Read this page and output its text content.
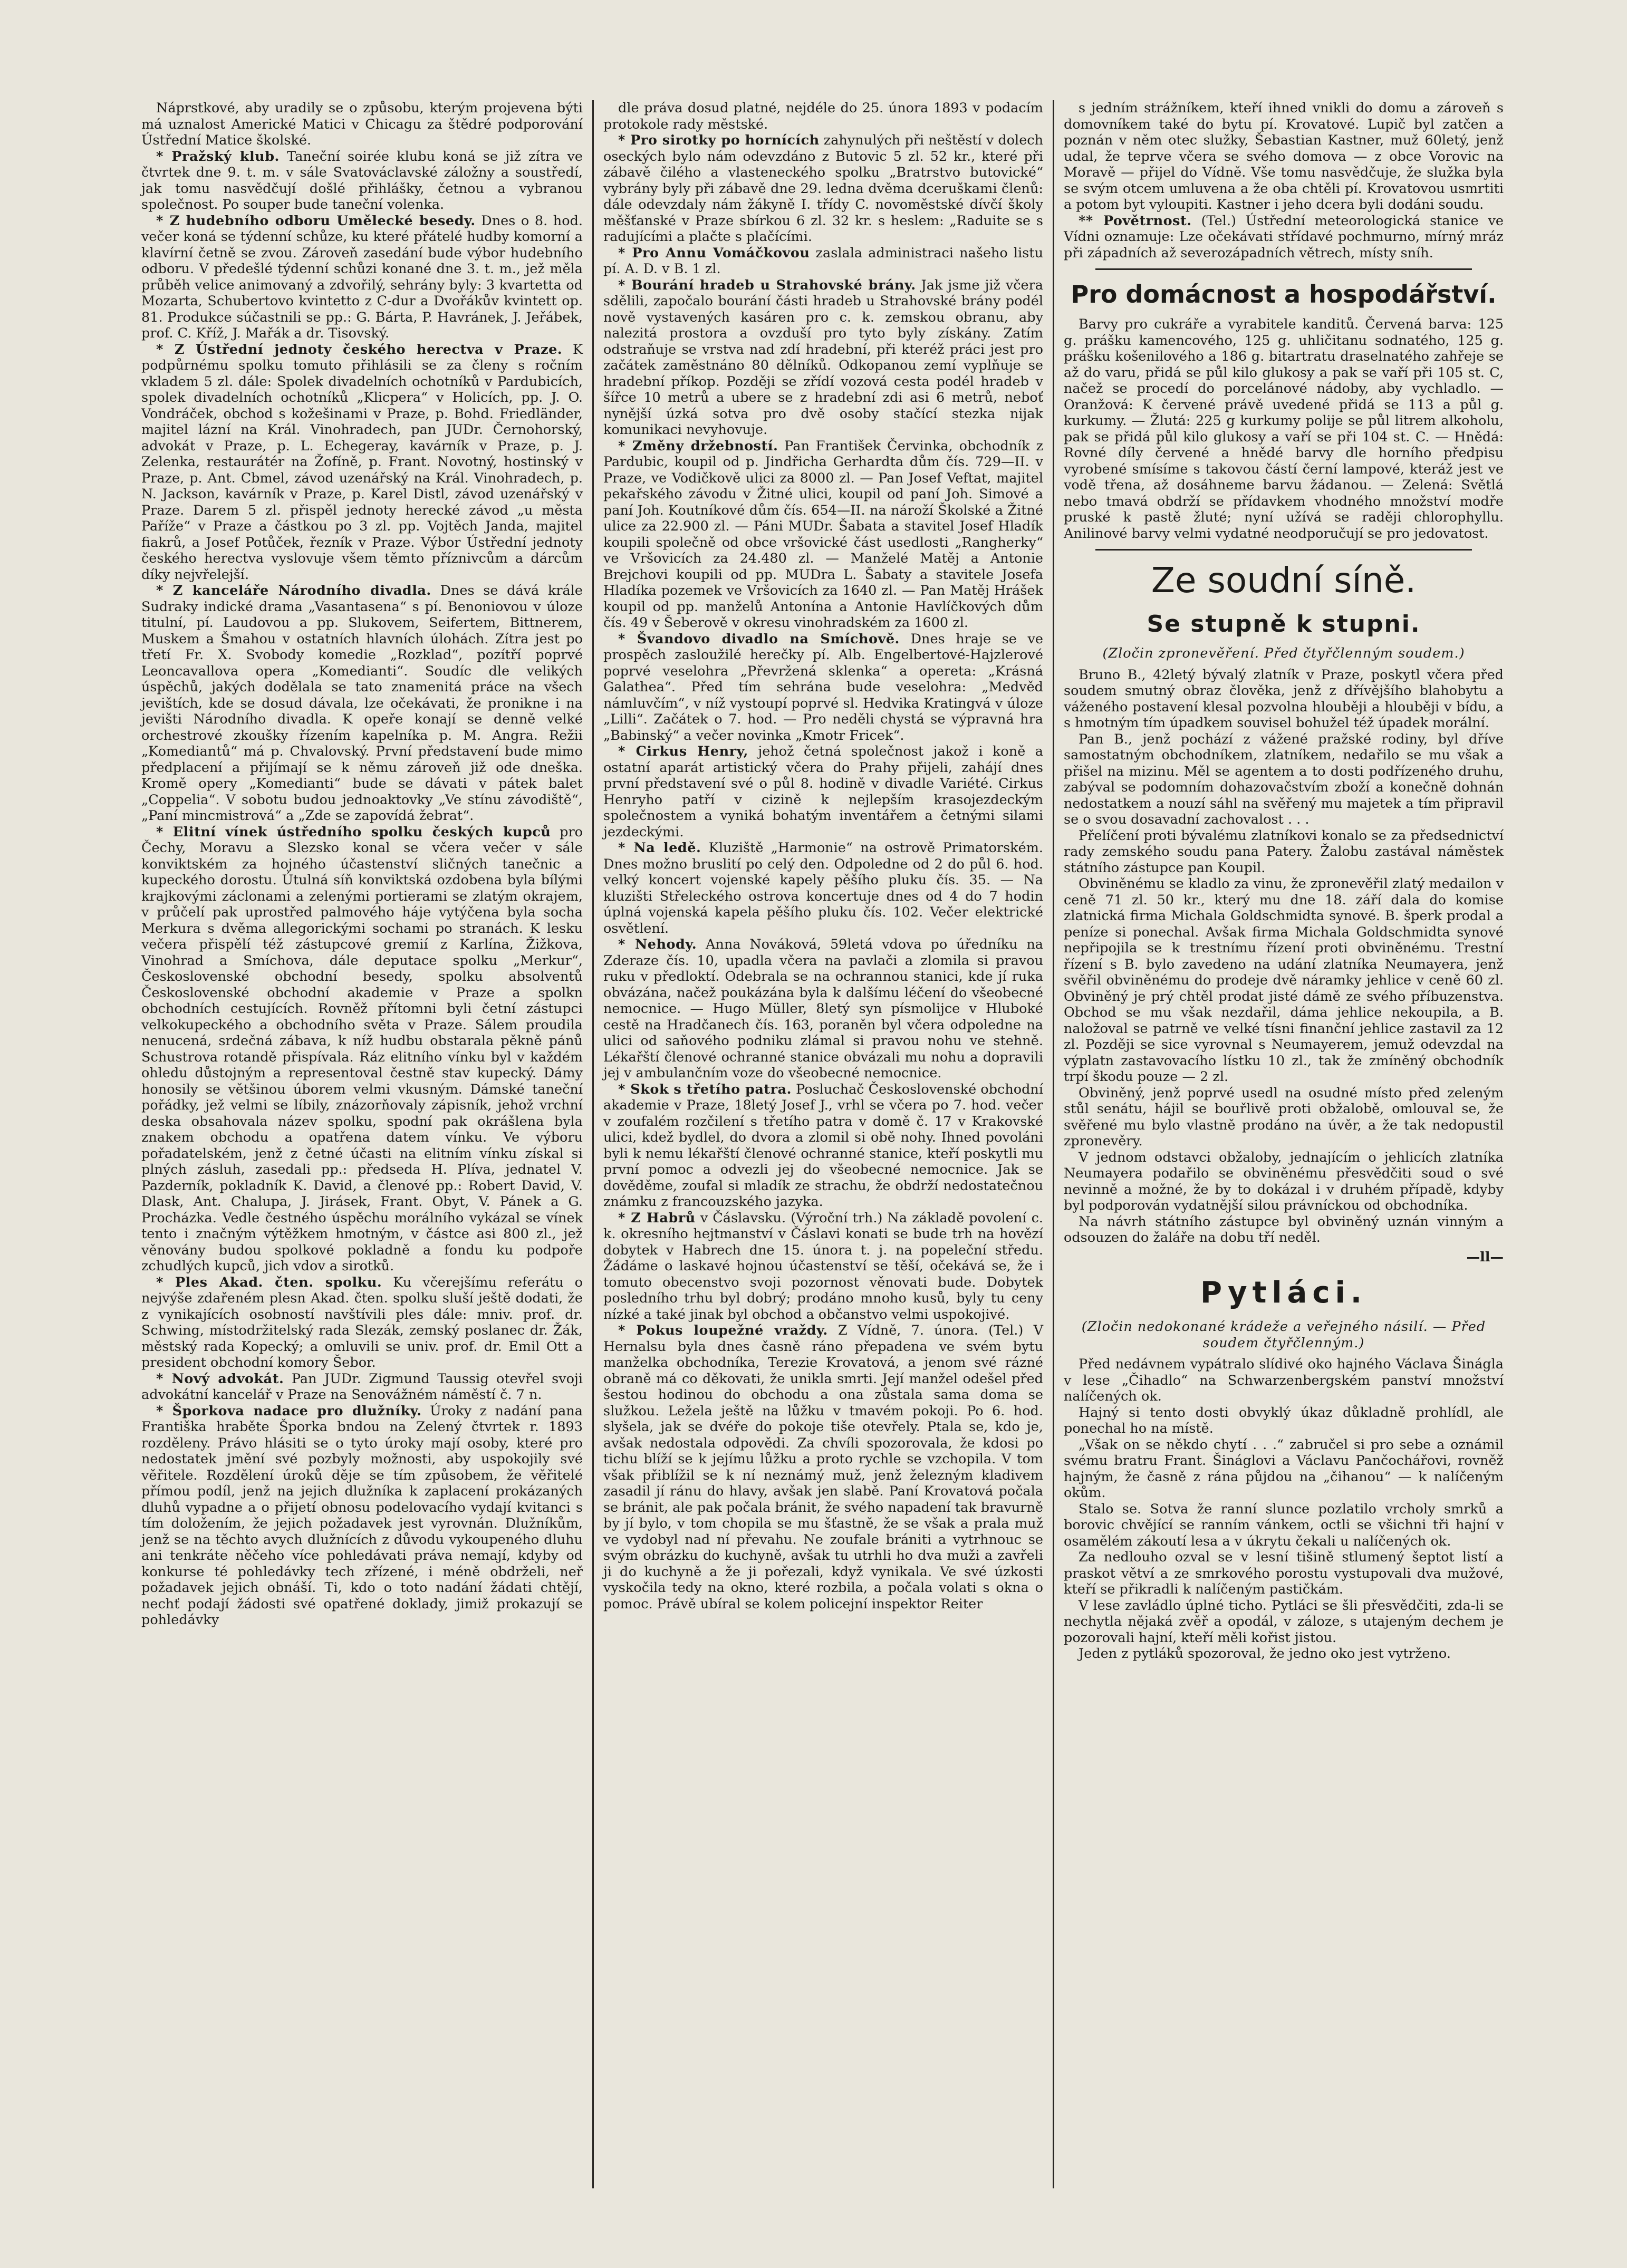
Náprstkové, aby uradily se o způsobu, kterým projevena býti má uznalost Americké Matici v Chicagu za štědré podporování Ústřední Matice školské.

* Pražský klub. Taneční soirée klubu koná se již zítra ve čtvrtek dne 9. t. m. v sále Svatováclavské záložny a soustředí, jak tomu nasvědčují došlé přihlášky, četnou a vybranou společnost. Po souper bude taneční volenka.

* Z hudebního odboru Umělecké besedy. Dnes o 8. hod. večer koná se týdenní schůze, ku které přátelé hudby komorní a klavírní četně se zvou. Zároveň zasedání bude výbor hudebního odboru. V předešlé týdenní schůzi konané dne 3. t. m., jež měla průběh velice animovaný a zdvořilý, sehrány byly: 3 kvartetta od Mozarta, Schubertovo kvintetto z C-dur a Dvořákův kvintett op. 81. Produkce súčastnili se pp.: G. Bárta, P. Havránek, J. Jeřábek, prof. C. Kříž, J. Mařák a dr. Tisovský.

* Z Ústřední jednoty českého herectva v Praze. K podpůrnému spolku tomuto přihlásili se za členy s ročním vkladem 5 zl. dále: Spolek divadelních ochotníků v Pardubicích, spolek divadelních ochotníků „Klicpera“ v Holicích, pp. J. O. Vondráček, obchod s kožešinami v Praze, p. Bohd. Friedländer, majitel lázní na Král. Vinohradech, pan JUDr. Černohorský, advokát v Praze, p. L. Echegeray, kavárník v Praze, p. J. Zelenka, restaurátér na Žofíně, p. Frant. Novotný, hostinský v Praze, p. Ant. Cbmel, závod uzenářský na Král. Vinohradech, p. N. Jackson, kavárník v Praze, p. Karel Distl, závod uzenářský v Praze. Darem 5 zl. přispěl jednoty herecké závod „u města Paříže“ v Praze a částkou po 3 zl. pp. Vojtěch Janda, majitel fiakrů, a Josef Potůček, řezník v Praze. Výbor Ústřední jednoty českého herectva vyslovuje všem těmto příznivcům a dárcům díky nejvřelejší.

* Z kanceláře Národního divadla. Dnes se dává krále Sudraky indické drama „Vasantasena“ s pí. Benoniovou v úloze titulní, pí. Laudovou a pp. Slukovem, Seifertem, Bittnerem, Muskem a Šmahou v ostatních hlavních úlohách. Zítra jest po třetí Fr. X. Svobody komedie „Rozklad“, pozítří poprvé Leoncavallova opera „Komedianti“. Soudíc dle velikých úspěchů, jakých dodělala se tato znamenitá práce na všech jevištích, kde se dosud dávala, lze očekávati, že pronikne i na jevišti Národního divadla. K opeře konají se denně velké orchestrové zkoušky řízením kapelníka p. M. Angra. Režii „Komediantů“ má p. Chvalovský. První představení bude mimo předplacení a přijímají se k němu zároveň již ode dneška. Kromě opery „Komedianti“ bude se dávati v pátek balet „Coppelia“. V sobotu budou jednoaktovky „Ve stínu závodiště“, „Paní mincmistrová“ a „Zde se zapovídá žebrat“.

* Elitní vínek ústředního spolku českých kupců pro Čechy, Moravu a Slezsko konal se včera večer v sále konviktském za hojného účastenství sličných tanečnic a kupeckého dorostu. Útulná síň konviktská ozdobena byla bílými krajkovými záclonami a zelenými portierami se zlatým okrajem, v průčelí pak uprostřed palmového háje vytýčena byla socha Merkura s dvěma allegorickými sochami po stranách. K lesku večera přispělí též zástupcové gremií z Karlína, Žižkova, Vinohrad a Smíchova, dále deputace spolku „Merkur“, Československé obchodní besedy, spolku absolventů Československé obchodní akademie v Praze a spolkn obchodních cestujících. Rovněž přítomni byli četní zástupci velkokupeckého a obchodního světa v Praze. Sálem proudila nenucená, srdečná zábava, k níž hudbu obstarala pěkně pánů Schustrova rotandě přispívala. Ráz elitního vínku byl v každém ohledu důstojným a representoval čestně stav kupecký. Dámy honosily se většinou úborem velmi vkusným. Dámské taneční pořádky, jež velmi se líbily, znázorňovaly zápisník, jehož vrchní deska obsahovala název spolku, spodní pak okrášlena byla znakem obchodu a opatřena datem vínku. Ve výboru pořadatelském, jenž z četné účasti na elitním vínku získal si plných zásluh, zasedali pp.: předseda H. Plíva, jednatel V. Pazderník, pokladník K. David, a členové pp.: Robert David, V. Dlask, Ant. Chalupa, J. Jirásek, Frant. Obyt, V. Pánek a G. Procházka. Vedle čestného úspěchu morálního vykázal se vínek tento i značným výtěžkem hmotným, v částce asi 800 zl., jež věnovány budou spolkové pokladně a fondu ku podpoře zchudlých kupců, jich vdov a sirotků.

* Ples Akad. čten. spolku. Ku včerejšímu referátu o nejvýše zdařeném plesn Akad. čten. spolku sluší ještě dodati, že z vynikajících osobností navštívili ples dále: mniv. prof. dr. Schwing, místodržitelský rada Slezák, zemský poslanec dr. Žák, městský rada Kopecký; a omluvili se univ. prof. dr. Emil Ott a president obchodní komory Šebor.

* Nový advokát. Pan JUDr. Zigmund Taussig otevřel svoji advokátní kancelář v Praze na Senovážném náměstí č. 7 n.

* Šporkova nadace pro dlužníky. Úroky z nadání pana Františka hraběte Šporka bndou na Zelený čtvrtek r. 1893 rozděleny. Právo hlásiti se o tyto úroky mají osoby, které pro nedostatek jmění své pozbyly možnosti, aby uspokojily své věřitele. Rozdělení úroků děje se tím způsobem, že věřitelé přímou podíl, jenž na jejich dlužníka k zaplacení prokázaných dluhů vypadne a o přijetí obnosu podelovacího vydají kvitanci s tím doložením, že jejich požadavek jest vyrovnán. Dlužníkům, jenž se na těchto avych dlužnících z důvodu vykoupeného dluhu ani tenkráte něčeho více pohledávati práva nemají, kdyby od konkurse té pohledávky tech zřízené, i méně obdrželi, neř požadavek jejich obnáší. Ti, kdo o toto nadání žádati chtějí, nechť podají žádosti své opatřené doklady, jimiž prokazují se pohledávky

dle práva dosud platné, nejdéle do 25. února 1893 v podacím protokole rady městské.

* Pro sirotky po hornících zahynulých při neštěstí v dolech oseckých bylo nám odevzdáno z Butovic 5 zl. 52 kr., které při zábavě čilého a vlasteneckého spolku „Bratrstvo butovické“ vybrány byly při zábavě dne 29. ledna dvěma dceruškami členů: dále odevzdaly nám žákyně I. třídy C. novoměstské dívčí školy měšťanské v Praze sbírkou 6 zl. 32 kr. s heslem: „Raduite se s radujícími a plačte s plačícími.

* Pro Annu Vomáčkovou zaslala administraci našeho listu pí. A. D. v B. 1 zl.

* Bourání hradeb u Strahovské brány. Jak jsme již včera sdělili, započalo bourání části hradeb u Strahovské brány podél nově vystavených kasáren pro c. k. zemskou obranu, aby nalezitá prostora a ovzduší pro tyto byly získány. Zatím odstraňuje se vrstva nad zdí hradební, při kteréž práci jest pro začátek zaměstnáno 80 dělníků. Odkopanou zemí vyplňuje se hradební příkop. Později se zřídí vozová cesta podél hradeb v šířce 10 metrů a ubere se z hradební zdi asi 6 metrů, neboť nynější úzká sotva pro dvě osoby stačící stezka nijak komunikaci nevyhovuje.

* Změny držebností. Pan František Červinka, obchodník z Pardubic, koupil od p. Jindřicha Gerhardta dům čís. 729—II. v Praze, ve Vodičkově ulici za 8000 zl. — Pan Josef Veftat, majitel pekařského závodu v Žitné ulici, koupil od paní Joh. Simové a paní Joh. Koutníkové dům čís. 654—II. na nároží Školské a Žitné ulice za 22.900 zl. — Páni MUDr. Šabata a stavitel Josef Hladík koupili společně od obce vršovické část usedlosti „Rangherky“ ve Vršovicích za 24.480 zl. — Manželé Matěj a Antonie Brejchovi koupili od pp. MUDra L. Šabaty a stavitele Josefa Hladíka pozemek ve Vršovicích za 1640 zl. — Pan Matěj Hrášek koupil od pp. manželů Antonína a Antonie Havlíčkových dům čís. 49 v Šeberově v okresu vinohradském za 1600 zl.

* Švandovo divadlo na Smíchově. Dnes hraje se ve prospěch zasloužilé herečky pí. Alb. Engelbertové-Hajzlerové poprvé veselohra „Převržená sklenka“ a opereta: „Krásná Galathea“. Před tím sehrána bude veselohra: „Medvěd námluvčím“, v níž vystoupí poprvé sl. Hedvika Kratingvá v úloze „Lilli“. Začátek o 7. hod. — Pro neděli chystá se výpravná hra „Babinský“ a večer novinka „Kmotr Fricek“.

* Cirkus Henry, jehož četná společnost jakož i koně a ostatní aparát artistický včera do Prahy přijeli, zahájí dnes první představení své o půl 8. hodině v divadle Variété. Cirkus Henryho patří v cizině k nejlepším krasojezdeckým společnostem a vyniká bohatým inventářem a četnými silami jezdeckými.

* Na ledě. Kluziště „Harmonie“ na ostrově Primatorském. Dnes možno bruslití po celý den. Odpoledne od 2 do půl 6. hod. velký koncert vojenské kapely pěšího pluku čís. 35. — Na kluzišti Střeleckého ostrova koncertuje dnes od 4 do 7 hodin úplná vojenská kapela pěšího pluku čís. 102. Večer elektrické osvětlení.

* Nehody. Anna Nováková, 59letá vdova po úředníku na Zderaze čís. 10, upadla včera na pavlači a zlomila si pravou ruku v předloktí. Odebrala se na ochrannou stanici, kde jí ruka obvázána, načež poukázána byla k dalšímu léčení do všeobecné nemocnice. — Hugo Müller, 8letý syn písmolijce v Hluboké cestě na Hradčanech čís. 163, poraněn byl včera odpoledne na ulici od saňového podniku zlámal si pravou nohu ve stehně. Lékařští členové ochranné stanice obvázali mu nohu a dopravili jej v ambulančním voze do všeobecné nemocnice.

* Skok s třetího patra. Posluchač Československé obchodní akademie v Praze, 18letý Josef J., vrhl se včera po 7. hod. večer v zoufalém rozčilení s třetího patra v domě č. 17 v Krakovské ulici, kdež bydlel, do dvora a zlomil si obě nohy. Ihned povoláni byli k nemu lékařští členové ochranné stanice, kteří poskytli mu první pomoc a odvezli jej do všeobecné nemocnice. Jak se dověděme, zoufal si mladík ze strachu, že obdrží nedostatečnou známku z francouzského jazyka.

* Z Habrů v Čáslavsku. (Výroční trh.) Na základě povolení c. k. okresního hejtmanství v Čáslavi konati se bude trh na hovězí dobytek v Habrech dne 15. února t. j. na popeleční středu. Žádáme o laskavé hojnou účastenství se těší, očekává se, že i tomuto obecenstvo svoji pozornost věnovati bude. Dobytek posledního trhu byl dobrý; prodáno mnoho kusů, byly tu ceny nízké a také jinak byl obchod a občanstvo velmi uspokojivé.

* Pokus loupežné vraždy. Z Vídně, 7. února. (Tel.) V Hernalsu byla dnes časně ráno přepadena ve svém bytu manželka obchodníka, Terezie Krovatová, a jenom své rázné obraně má co děkovati, že unikla smrti. Její manžel odešel před šestou hodinou do obchodu a ona zůstala sama doma se služkou. Ležela ještě na lůžku v tmavém pokoji. Po 6. hod. slyšela, jak se dvéře do pokoje tiše otevřely. Ptala se, kdo je, avšak nedostala odpovědi. Za chvíli spozorovala, že kdosi po tichu blíží se k jejímu lůžku a proto rychle se vzchopila. V tom však přiblížil se k ní neznámý muž, jenž železným kladivem zasadil jí ránu do hlavy, avšak jen slabě. Paní Krovatová počala se bránit, ale pak počala bránit, že svého napadení tak bravurně by jí bylo, v tom chopila se mu šťastně, že se však a prala muž ve vydobyl nad ní převahu. Ne zoufale brániti a vytrhnouc se svým obrázku do kuchyně, avšak tu utrhli ho dva muži a zavřeli ji do kuchyně a že ji pořezali, když vynikala. Ve své úzkosti vyskočila tedy na okno, které rozbila, a počala volati s okna o pomoc. Právě ubíral se kolem policejní inspektor Reiter

s jedním strážníkem, kteří ihned vnikli do domu a zároveň s domovníkem také do bytu pí. Krovatové. Lupič byl zatčen a poznán v něm otec služky, Šebastian Kastner, muž 60letý, jenž udal, že teprve včera se svého domova — z obce Vorovic na Moravě — přijel do Vídně. Vše tomu nasvědčuje, že služka byla se svým otcem umluvena a že oba chtěli pí. Krovatovou usmrtiti a potom byt vyloupiti. Kastner i jeho dcera byli dodáni soudu.

** Povětrnost. (Tel.) Ústřední meteorologická stanice ve Vídni oznamuje: Lze očekávati střídavé pochmurno, mírný mráz při západních až severozápadních větrech, místy sníh.

Pro domácnost a hospodářství.

Barvy pro cukráře a vyrabitele kanditů. Červená barva: 125 g. prášku kamencového, 125 g. uhličitanu sodnatého, 125 g. prášku košenilového a 186 g. bitartratu draselnatého zahřeje se až do varu, přidá se půl kilo glukosy a pak se vaří při 105 st. C, načež se procedí do porcelánové nádoby, aby vychladlo. — Oranžová: K červené právě uvedené přidá se 113 a půl g. kurkumy. — Žlutá: 225 g kurkumy polije se půl litrem alkoholu, pak se přidá půl kilo glukosy a vaří se při 104 st. C. — Hnědá: Rovné díly červené a hnědé barvy dle horního předpisu vyrobené smísíme s takovou částí černí lampové, kteráž jest ve vodě třena, až dosáhneme barvu žádanou. — Zelená: Světlá nebo tmavá obdrží se přídavkem vhodného množství modře pruské k pastě žluté; nyní užívá se raději chlorophyllu. Anilinové barvy velmi vydatné neodporučují se pro jedovatost.

Ze soudní síně.
Se stupně k stupni.
(Zločin zpronevěření. Před čtyřčlenným soudem.)

Bruno B., 42letý bývalý zlatník v Praze, poskytl včera před soudem smutný obraz člověka, jenž z dřívějšího blahobytu a váženého postavení klesal pozvolna hlouběji a hlouběji v bídu, a s hmotným tím úpadkem souvisel bohužel též úpadek morální.

Pan B., jenž pochází z vážené pražské rodiny, byl dříve samostatným obchodníkem, zlatníkem, nedařilo se mu však a přišel na mizinu. Měl se agentem a to dosti podřízeného druhu, zabýval se podomním dohazovačstvím zboží a konečně dohnán nedostatkem a nouzí sáhl na svěřený mu majetek a tím připravil se o svou dosavadní zachovalost . . .

Přelíčení proti bývalému zlatníkovi konalo se za předsednictví rady zemského soudu pana Patery. Žalobu zastával náměstek státního zástupce pan Koupil.

Obviněnému se kladlo za vinu, že zpronevěřil zlatý medailon v ceně 71 zl. 50 kr., který mu dne 18. září dala do komise zlatnická firma Michala Goldschmidta synové. B. šperk prodal a peníze si ponechal. Avšak firma Michala Goldschmidta synové nepřipojila se k trestnímu řízení proti obviněnému. Trestní řízení s B. bylo zavedeno na udání zlatníka Neumayera, jenž svěřil obviněnému do prodeje dvě náramky jehlice v ceně 60 zl. Obviněný je prý chtěl prodat jisté dámě ze svého příbuzenstva. Obchod se mu však nezdařil, dáma jehlice nekoupila, a B. naložoval se patrně ve velké tísni finanční jehlice zastavil za 12 zl. Později se sice vyrovnal s Neumayerem, jemuž odevzdal na výplatn zastavovacího lístku 10 zl., tak že zmíněný obchodník trpí škodu pouze — 2 zl.

Obviněný, jenž poprvé usedl na osudné místo před zeleným stůl senátu, hájil se bouřlivě proti obžalobě, omlouval se, že svěřené mu bylo vlastně prodáno na úvěr, a že tak nedopustil zpronevěry.

V jednom odstavci obžaloby, jednajícím o jehlicích zlatníka Neumayera podařilo se obviněnému přesvědčiti soud o své nevinně a možné, že by to dokázal i v druhém případě, kdyby byl podporován vydatnější silou právníckou od obchodníka.

Na návrh státního zástupce byl obviněný uznán vinným a odsouzen do žaláře na dobu tří neděl.

—ll—
Pytláci.
(Zločin nedokonané krádeže a veřejného násilí. — Před soudem čtyřčlenným.)

Před nedávnem vypátralo slídivé oko hajného Václava Šináglа v lese „Čihadlo“ na Schwarzenbergském panství množství nalíčených ok.

Hajný si tento dosti obvyklý úkaz důkladně prohlídl, ale ponechal ho na místě.

„Však on se někdo chytí . . .“ zabručel si pro sebe a oznámil svému bratru Frant. Šináglovi a Václavu Pančochářovi, rovněž hajným, že časně z rána půjdou na „čihanou“ — k nalíčeným okům.

Stalo se. Sotva že ranní slunce pozlatilo vrcholy smrků a borovic chvějící se ranním vánkem, octli se všichni tři hajní v osamělém zákoutí lesa a v úkrytu čekali u nalíčených ok.

Za nedlouho ozval se v lesní tišině stlumený šeptot listí a praskot větví a ze smrkového porostu vystupovali dva mužové, kteří se přikradli k nalíčeným pastičkám.

V lese zavládlo úplné ticho. Pytláci se šli přesvědčiti, zda-li se nechytla nějaká zvěř a opodál, v záloze, s utajeným dechem je pozorovali hajní, kteří měli kořist jistou.

Jeden z pytláků spozoroval, že jedno oko jest vytrženo.
